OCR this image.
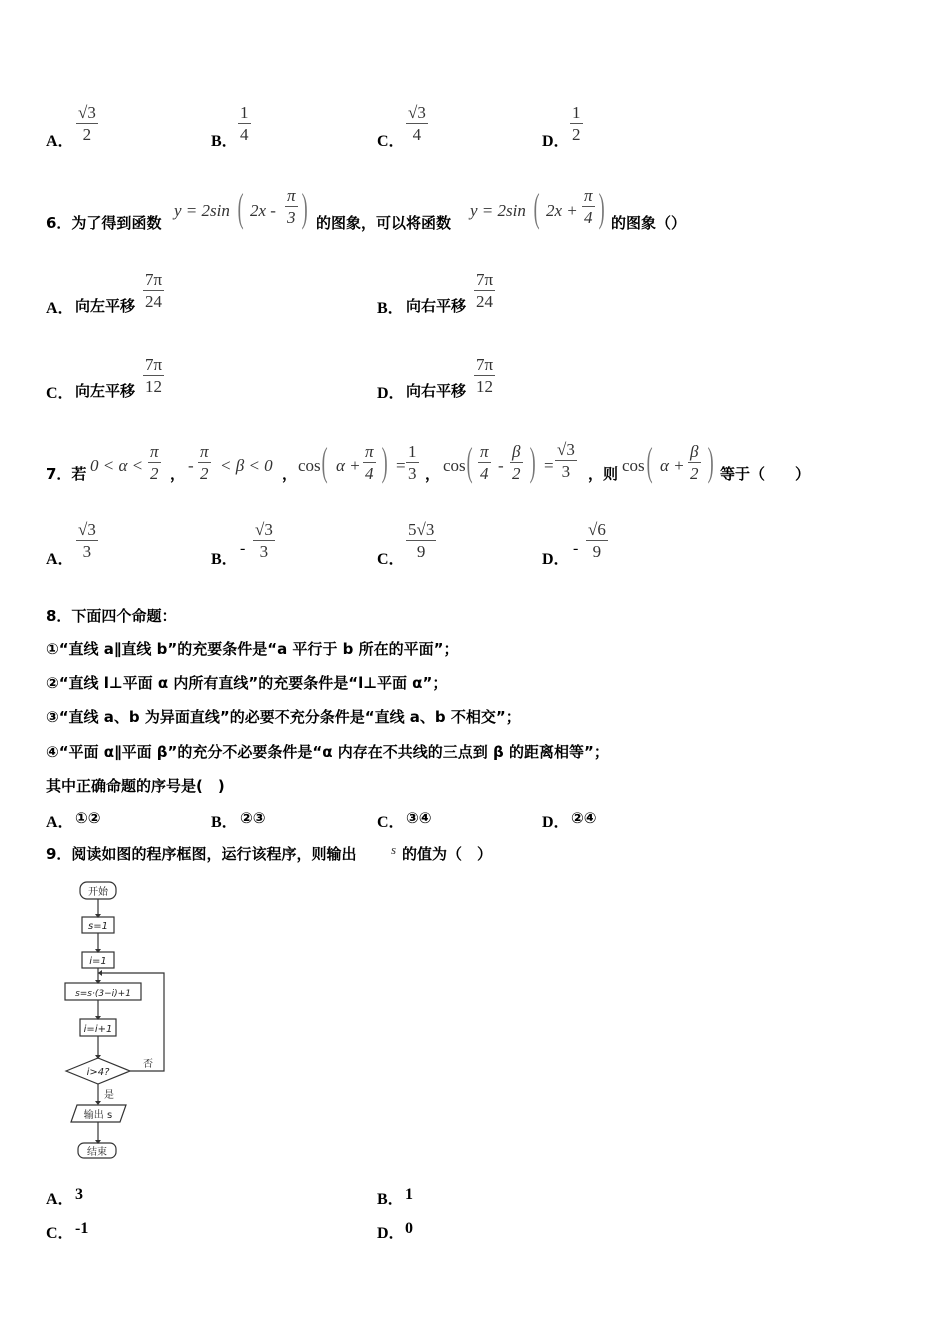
A．
√3
2	B．
1
4	C．
√3
4	D．
1
2
6．为了得到函数
y = 2sin ( 2x -
π
3 ) 的图象，可以将函数
y = 2sin ( 2x +
π
4 ) 的图象（）
A． 向左平移
7π
24	B． 向右平移
7π
24
C． 向左平移
7π
12	D． 向右平移
7π
12
7．若 0 < α <
π
2 ， -
π
2 < β < 0 ， cos ( α +
π
4 ) =
1
3 ， cos ( π
4 -
β
2 ) =
√3
3 ，则 cos ( α +
β
2 ) 等于（　　）
A．
√3
3	B．
-
√3
3	C．
5√3
9	D．
-
√6
9
8．下面四个命题：
①“直线 a∥直线 b”的充要条件是“a 平行于 b 所在的平面”；
②“直线 l⊥平面 α 内所有直线”的充要条件是“l⊥平面 α”；
③“直线 a、b 为异面直线”的必要不充分条件是“直线 a、b 不相交”；
④“平面 α∥平面 β”的充分不必要条件是“α 内存在不共线的三点到 β 的距离相等”；
其中正确命题的序号是(　)
A． ①②	B． ②③	C． ③④	D． ②④
9．阅读如图的程序框图，运行该程序，则输出	s 的值为（　）
开始
s=1
i=1
s=s·(3−i)+1
i=i+1
i>4?
否
是
输出 s
结束
A． 3	B． 1
C． -1	D． 0
